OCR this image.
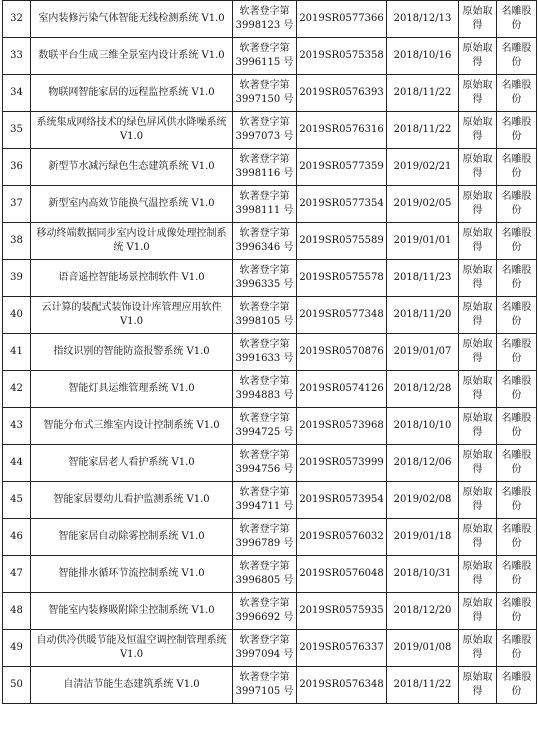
32	室内装修污染气体智能无线检测系统 V1.0	软著登字第 3998123 号	2019SR0577366	2018/12/13	原始取得	名雕股份
33	数联平台生成三维全景室内设计系统 V1.0	软著登字第 3996115 号	2019SR0575358	2018/10/16	原始取得	名雕股份
34	物联网智能家居的远程监控系统 V1.0	软著登字第 3997150 号	2019SR0576393	2018/11/22	原始取得	名雕股份
35	系统集成网络技术的绿色屏风供水降噪系统 V1.0	软著登字第 3997073 号	2019SR0576316	2018/11/22	原始取得	名雕股份
36	新型节水减污绿色生态建筑系统 V1.0	软著登字第 3998116 号	2019SR0577359	2019/02/21	原始取得	名雕股份
37	新型室内高效节能换气温控系统 V1.0	软著登字第 3998111 号	2019SR0577354	2019/02/05	原始取得	名雕股份
38	移动终端数据同步室内设计成像处理控制系统 V1.0	软著登字第 3996346 号	2019SR0575589	2019/01/01	原始取得	名雕股份
39	语音遥控智能场景控制软件 V1.0	软著登字第 3996335 号	2019SR0575578	2018/11/23	原始取得	名雕股份
40	云计算的装配式装饰设计库管理应用软件 V1.0	软著登字第 3998105 号	2019SR0577348	2018/11/20	原始取得	名雕股份
41	指纹识别的智能防盗报警系统 V1.0	软著登字第 3991633 号	2019SR0570876	2019/01/07	原始取得	名雕股份
42	智能灯具运维管理系统 V1.0	软著登字第 3994883 号	2019SR0574126	2018/12/28	原始取得	名雕股份
43	智能分布式三维室内设计控制系统 V1.0	软著登字第 3994725 号	2019SR0573968	2018/10/10	原始取得	名雕股份
44	智能家居老人看护系统 V1.0	软著登字第 3994756 号	2019SR0573999	2018/12/06	原始取得	名雕股份
45	智能家居婴幼儿看护监测系统 V1.0	软著登字第 3994711 号	2019SR0573954	2019/02/08	原始取得	名雕股份
46	智能家居自动除雾控制系统 V1.0	软著登字第 3996789 号	2019SR0576032	2019/01/18	原始取得	名雕股份
47	智能排水循环节流控制系统 V1.0	软著登字第 3996805 号	2019SR0576048	2018/10/31	原始取得	名雕股份
48	智能室内装修吸附除尘控制系统 V1.0	软著登字第 3996692 号	2019SR0575935	2018/12/20	原始取得	名雕股份
49	自动供冷供暖节能及恒温空调控制管理系统 V1.0	软著登字第 3997094 号	2019SR0576337	2019/01/08	原始取得	名雕股份
50	自清洁节能生态建筑系统 V1.0	软著登字第 3997105 号	2019SR0576348	2018/11/22	原始取得	名雕股份
